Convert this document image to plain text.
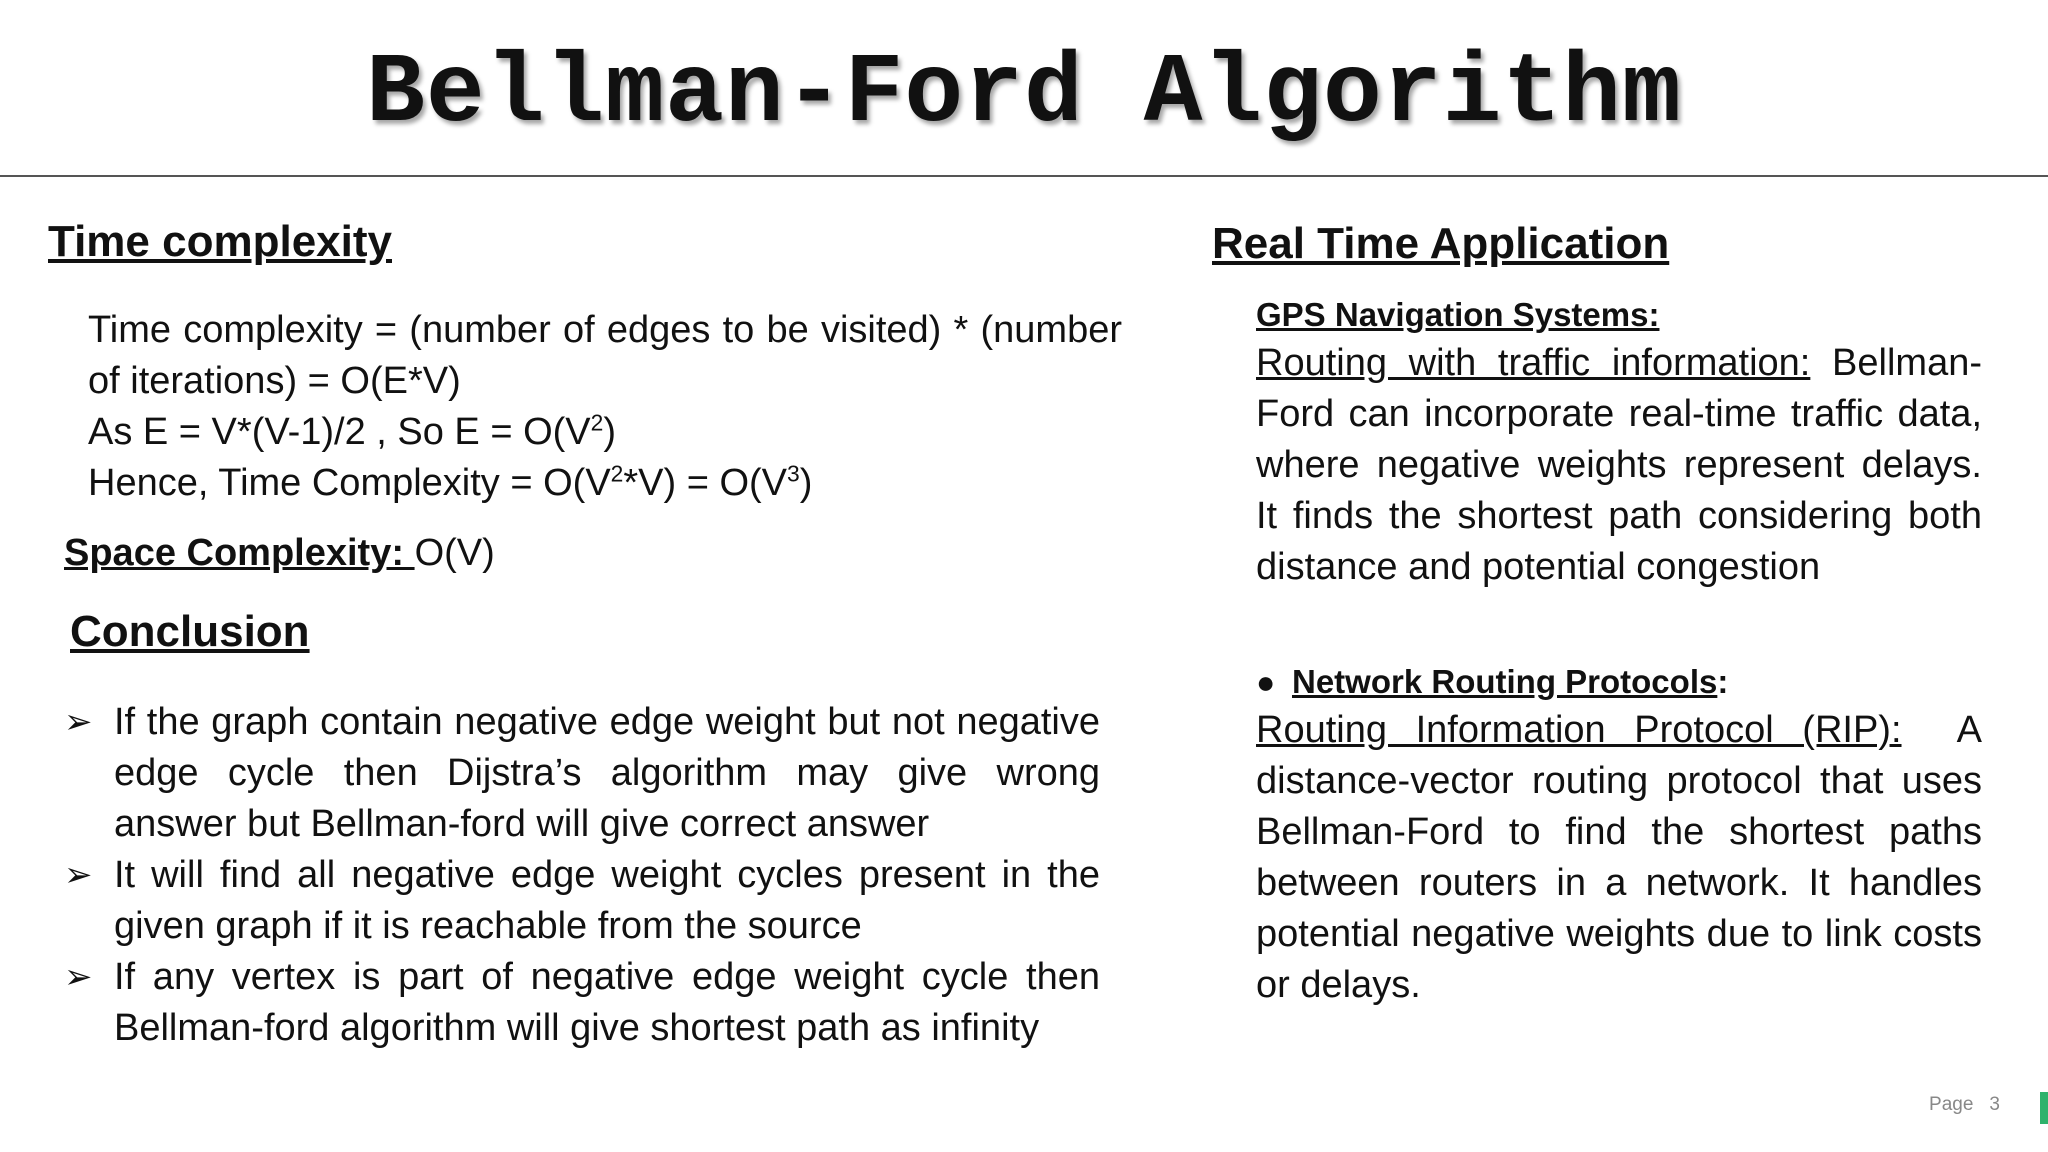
Bellman-Ford Algorithm
Time complexity
Time complexity = (number of edges to be visited) * (number of iterations) = O(E*V)
As E = V*(V-1)/2 , So $E = O(V^2)$
Hence, Time Complexity = $O(V^2*V) = O(V^3)$
Space Complexity: O(V)
Conclusion
➢ If the graph contain negative edge weight but not negative edge cycle then Dijstra’s algorithm may give wrong answer but Bellman-ford will give correct answer
➢ It will find all negative edge weight cycles present in the given graph if it is reachable from the source
➢ If any vertex is part of negative edge weight cycle then Bellman-ford algorithm will give shortest path as infinity
Real Time Application
GPS Navigation Systems:
Routing with traffic information: Bellman-Ford can incorporate real-time traffic data, where negative weights represent delays. It finds the shortest path considering both distance and potential congestion
● Network Routing Protocols:
Routing Information Protocol (RIP): A distance-vector routing protocol that uses Bellman-Ford to find the shortest paths between routers in a network. It handles potential negative weights due to link costs or delays.
Page 3
